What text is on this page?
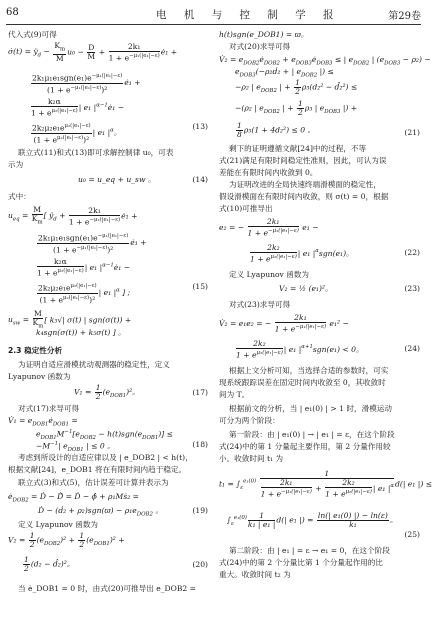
68	电 机 与 控 制 学 报	第29卷
代入式(9)可得
σ̇(t) = $ÿ_d - \frac{K_m}{M} u_0 - \frac{D}{M} + \frac{\text{2k₁}}{1 + e^{-\mu_1(|e_1|-\varepsilon)}}$ ė₁ +
$2k_1\mu_1e_1sgn(e_1)e^{-\mu_1(|e_1|-\varepsilon)}$
$(1 + e^{-\mu_1(|e_1|-\varepsilon)})^2$
ė₁ +
$\frac{\text{k₂α}}{1 + e^{\mu_2(|e_1|-\varepsilon)}}$ | e₁ $|^{\alpha-1}ė_1$ −
$\frac{2k_2\mu_2e_1e^{\mu_2(|e_1|-\varepsilon)}}{(1 + e^{\mu_2(|e_1|-\varepsilon)})^2}$ | e₁ $|^\alpha$。
(13)
联立式(11)和式(13)即可求解控制律 u₀，可表
示为
u₀ = u_eq + u_sw 。	(14)
式中：
$u_{eq} = \frac{M}{K_m}$ [ $ÿ_d + \frac{\text{2k₁}}{1 + e^{-\mu_1(|e_1|-\varepsilon)}}$ ė₁ +
$2k_1\mu_1e_1sgn(e_1)e^{-\mu_1(|e_1|-\varepsilon)}$
$(1 + e^{-\mu_1(|e_1|-\varepsilon)})^2$
ė₁ +
$\frac{\text{k₂α}}{1 + e^{\mu_2(|e_1|-\varepsilon)}}$ | e₁ $|^{\alpha-1}ė_1$ −
$\frac{2k_2\mu_2e_1e^{\mu_2(|e_1|-\varepsilon)}}{(1 + e^{\mu_2(|e_1|-\varepsilon)})^2}$ | e₁ $|^\alpha$ ] ;
(15)
$u_{sw} = \frac{M}{K_m}$ [ k₃√| σ(t) | sgn(σ(t)) +
k₄sgn(σ(t)) + k₅σ(t) ] 。
2.3 稳定性分析
为证明自适应滑模扰动观测器的稳定性，定义
Lyapunov 函数为
$V_1 = \frac{1}{2} (e_{DOB1})^2$。	(17)
对式(17)求导可得
V̇₁ = $e_{DOB1}ė_{DOB1}$ =
$e_{DOB1}M^{-1}[e_{DOB2} - h(t)sgn(e_{DOB1})]$ ≤
$-M^{-1}|$ $e_{DOB1}$ | ≤ 0 。	(18)
考虑到所设计的自适应律以及 | e_DOB2 | < h(t)，
根据文献[24]，e_DOB1 将在有限时间内趋于稳定。
联立式(3)和式(5)，估计误差可计算并表示为
$ė_{DOB2}$ = Ḋ − Ḋ̂ = Ḋ − ϕ̂ + ρ₁Mṡ₂ =
Ḋ − (ḋ₂ + $\rho_2)sgn(ϖ) - \rho_1e_{DOB2}$ 。	(19)
定义 Lyapunov 函数为
$V_2 = \frac{1}{2} (e_{DOB2})^2 + \frac{1}{2} (e_{DOB1})^2$ +
$\frac{1}{2} (d_2$ − d̂₂)²。	(20)
当 ė_DOB1 = 0 时，由式(20)可推导出 e_DOB2 =
h(t)sgn(e_DOB1) = ϖ。
对式(20)求导可得
V̇₂ = $e_{DOB2}ė_{DOB2}$ + $e_{DOB3}ė_{DOB3}$ ≤ | $e_{DOB2}$ | $(e_{DOB3} - \rho_2)$ −
$e_{DOB3}(-\rho_2ḋ_2$ + | $e_{DOB2}$ |) ≤
−ρ₂ | $e_{DOB2}$ | + $\frac{1}{2} \rho_3(d_2^2$ − d̂₂²) ≤
−(ρ₂ | $e_{DOB2}$ | + $\frac{1}{2} \rho_3$ | $e_{DOB3}$ |) +
$\frac{1}{8} \rho_3(1 + 4d_2^2) \le 0$ 。	(21)
剩下的证明遵循文献[24]中的过程，不等
式(21)满足有限时间稳定性准则，因此，可认为误
差能在有限时间内收敛到 0。
为证明改进的全局快速终端滑模面的稳定性，
假设滑模面在有限时间内收敛，则 σ(t) = 0，根据
式(10)可推导出
e₂ = − $\frac{\text{2k₁}}{1 + e^{-\mu_1(|e_1|-\varepsilon)}} e_1$ −
$\frac{\text{2k₂}}{1 + e^{\mu_2(|e_1|-\varepsilon)}}$ | e₁ $|^\alpha sgn(e_1)$。	(22)
定义 Lyapunov 函数为
V₂ = ½ (e₁)²。	(23)
对式(23)求导可得
V̇₂ = e₁e₂ = − $\frac{\text{2k₁}}{1 + e^{-\mu_1(|e_1|-\varepsilon)}} e_1^2$ −
$\frac{\text{2k₂}}{1 + e^{\mu_2(|e_1|-\varepsilon)}}$ | e₁ $|^{\alpha+1}sgn(e_1) < 0$。	(24)
根据上文分析可知，当选择合适的参数时，可实
现系统跟踪误差在固定时间内收敛至 0，其收敛时
间为 T。
根据前文的分析，当 | e₁(0) | > 1 时，滑模运动
可分为两个阶段：
第一阶段：由 | e₁(0) | → | e₁ | = ε，在这个阶段
式(24)中的第 1 分量起主要作用，第 2 分量作用较
小。收敛时间 t₁ 为
$t_1 = \int_\varepsilon^{e_1(0)} \frac{1}{\frac{\text{2k₁}}{1 + e^{-\mu_1(|e_1|-\varepsilon)}} + \frac{\text{2k₂}}{1 + e^{\mu_2(|e_1|-\varepsilon)}} | e_1 |^\alpha} d(|$ e₁ |) ≤
$\int_\varepsilon^{e_1(0)} \frac{1}{\text{k₁ | e₁ |}} d(|$ e₁ |) = $\frac{\text{ln(| e₁(0) |) − ln(ε)}}{\text{k₁}}$ 。
(25)
第二阶段：由 | e₁ | = ε → e₁ = 0，在这个阶段
式(24)中的第 2 个分量比第 1 个分量起作用的比
重大。收敛时间 t₂ 为
